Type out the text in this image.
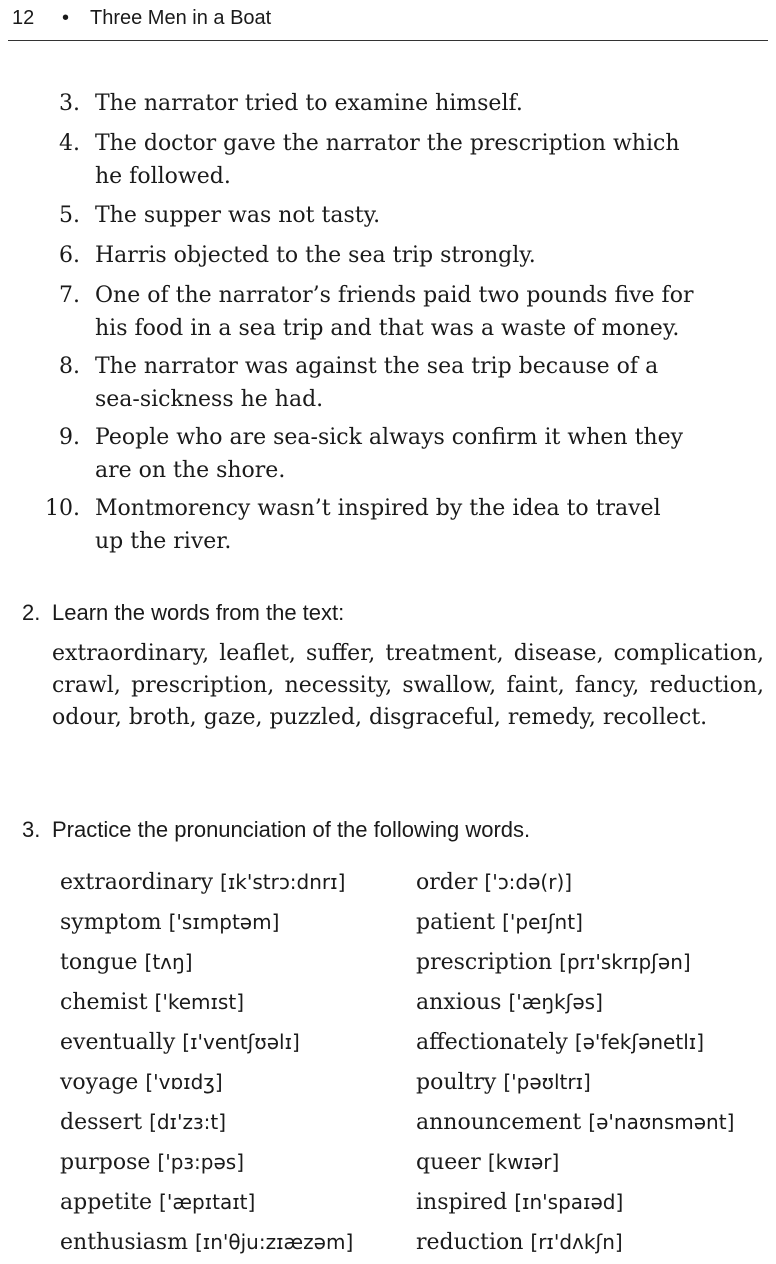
12 • Three Men in a Boat
3. The narrator tried to examine himself.
4. The doctor gave the narrator the prescription which
he followed.
5. The supper was not tasty.
6. Harris objected to the sea trip strongly.
7. One of the narrator’s friends paid two pounds five for
his food in a sea trip and that was a waste of money.
8. The narrator was against the sea trip because of a
sea-sickness he had.
9. People who are sea-sick always confirm it when they
are on the shore.
10. Montmorency wasn’t inspired by the idea to travel
up the river.
2. Learn the words from the text:
extraordinary, leaflet, suffer, treatment, disease, complication, crawl, prescription, necessity, swallow, faint, fancy, reduction, odour, broth, gaze, puzzled, disgraceful, remedy, recollect.
3. Practice the pronunciation of the following words.
extraordinary [ɪk'strɔ:dnrɪ]
symptom ['sɪmptəm]
tongue [tʌŋ]
chemist ['kemɪst]
eventually [ɪ'ventʃʊəlɪ]
voyage ['vɒɪdʒ]
dessert [dɪ'zз:t]
purpose ['pз:pəs]
appetite ['æpɪtaɪt]
enthusiasm [ɪn'θju:zɪæzəm]
order ['ɔ:də(r)]
patient ['peɪʃnt]
prescription [prɪ'skrɪpʃən]
anxious ['æŋkʃəs]
affectionately [ə'fekʃənetlɪ]
poultry ['pəʊltrɪ]
announcement [ə'naʊnsmənt]
queer [kwɪər]
inspired [ɪn'spaɪəd]
reduction [rɪ'dʌkʃn]
